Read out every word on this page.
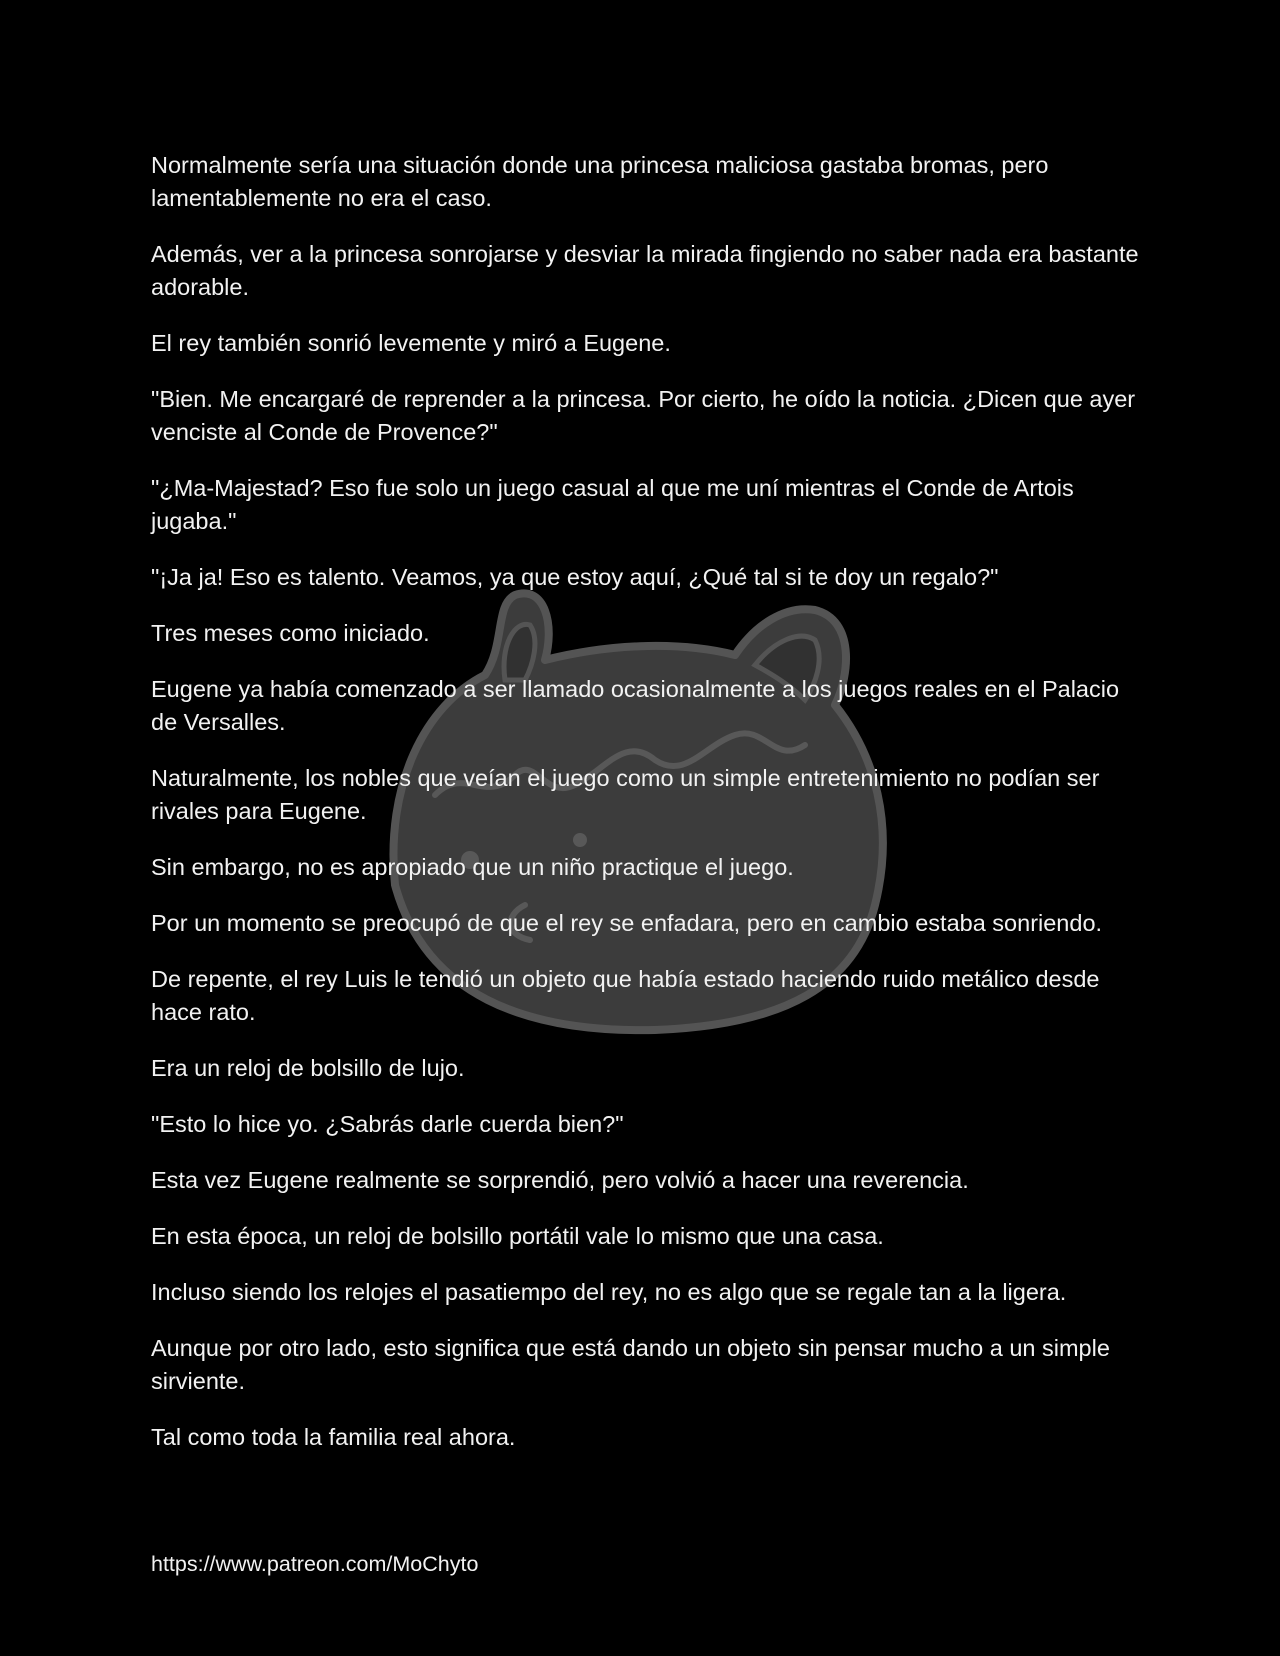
Normalmente sería una situación donde una princesa maliciosa gastaba bromas, pero lamentablemente no era el caso.

Además, ver a la princesa sonrojarse y desviar la mirada fingiendo no saber nada era bastante adorable.

El rey también sonrió levemente y miró a Eugene.

"Bien. Me encargaré de reprender a la princesa. Por cierto, he oído la noticia. ¿Dicen que ayer venciste al Conde de Provence?"

"¿Ma-Majestad? Eso fue solo un juego casual al que me uní mientras el Conde de Artois jugaba."

"¡Ja ja! Eso es talento. Veamos, ya que estoy aquí, ¿Qué tal si te doy un regalo?"

Tres meses como iniciado.

Eugene ya había comenzado a ser llamado ocasionalmente a los juegos reales en el Palacio de Versalles.

Naturalmente, los nobles que veían el juego como un simple entretenimiento no podían ser rivales para Eugene.

Sin embargo, no es apropiado que un niño practique el juego.

Por un momento se preocupó de que el rey se enfadara, pero en cambio estaba sonriendo.

De repente, el rey Luis le tendió un objeto que había estado haciendo ruido metálico desde hace rato.

Era un reloj de bolsillo de lujo.

"Esto lo hice yo. ¿Sabrás darle cuerda bien?"

Esta vez Eugene realmente se sorprendió, pero volvió a hacer una reverencia.

En esta época, un reloj de bolsillo portátil vale lo mismo que una casa.

Incluso siendo los relojes el pasatiempo del rey, no es algo que se regale tan a la ligera.

Aunque por otro lado, esto significa que está dando un objeto sin pensar mucho a un simple sirviente.

Tal como toda la familia real ahora.

https://www.patreon.com/MoChyto
